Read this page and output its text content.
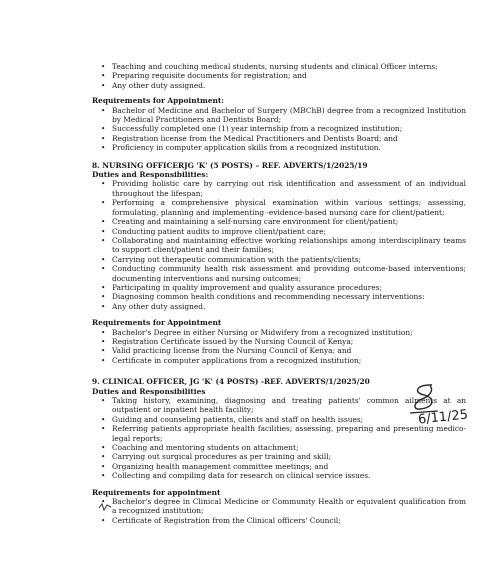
• Teaching and couching medical students, nursing students and clinical Officer interns;
• Preparing requisite documents for registration; and
• Any other duty assigned.
Requirements for Appointment:
• Bachelor of Medicine and Bachelor of Surgery (MBChB) degree from a recognized Institution by Medical Practitioners and Dentists Board;
• Successfully completed one (1) year internship from a recognized institution;
• Registration license from the Medical Practitioners and Dentists Board; and
• Proficiency in computer application skills from a recognized institution.
8. NURSING OFFICERJG 'K' (5 POSTS) – REF. ADVERTS/1/2025/19
Duties and Responsibilities:
• Providing holistic care by carrying out risk identification and assessment of an individual throughout the lifespan;
• Performing a comprehensive physical examination within various settings; assessing, formulating, planning and implementing -evidence-based nursing care for client/patient;
• Creating and maintaining a self-nursing care environment for client/patient;
• Conducting patient audits to improve client/patient care;
• Collaborating and maintaining effective working relationships among interdisciplinary teams to support client/patient and their families;
• Carrying out therapeutic communication with the patients/clients;
• Conducting community health risk assessment and providing outcome-based interventions; documenting interventions and nursing outcomes;
• Participating in quality improvement and quality assurance procedures;
• Diagnosing common health conditions and recommending necessary interventions:
• Any other duty assigned.
Requirements for Appointment
• Bachelor's Degree in either Nursing or Midwifery from a recognized institution;
• Registration Certificate issued by the Nursing Council of Kenya;
• Valid practicing license from the Nursing Council of Kenya; and
• Certificate in computer applications from a recognized institution;
9. CLINICAL OFFICER, JG 'K' (4 POSTS) -REF. ADVERTS/1/2025/20
Duties and Responsibilities
• Taking history, examining, diagnosing and treating patients' common ailments at an outpatient or inpatient health facility;
• Guiding and counseling patients, clients and staff on health issues;
• Referring patients appropriate health facilities; assessing, preparing and presenting medico-legal reports;
• Coaching and mentoring students on attachment;
• Carrying out surgical procedures as per training and skill;
• Organizing health management committee meetings; and
• Collecting and compiling data for research on clinical service issues.
Requirements for appointment
• Bachelor's degree in Clinical Medicine or Community Health or equivalent qualification from a recognized institution;
• Certificate of Registration from the Clinical officers' Council;
6/11/25
